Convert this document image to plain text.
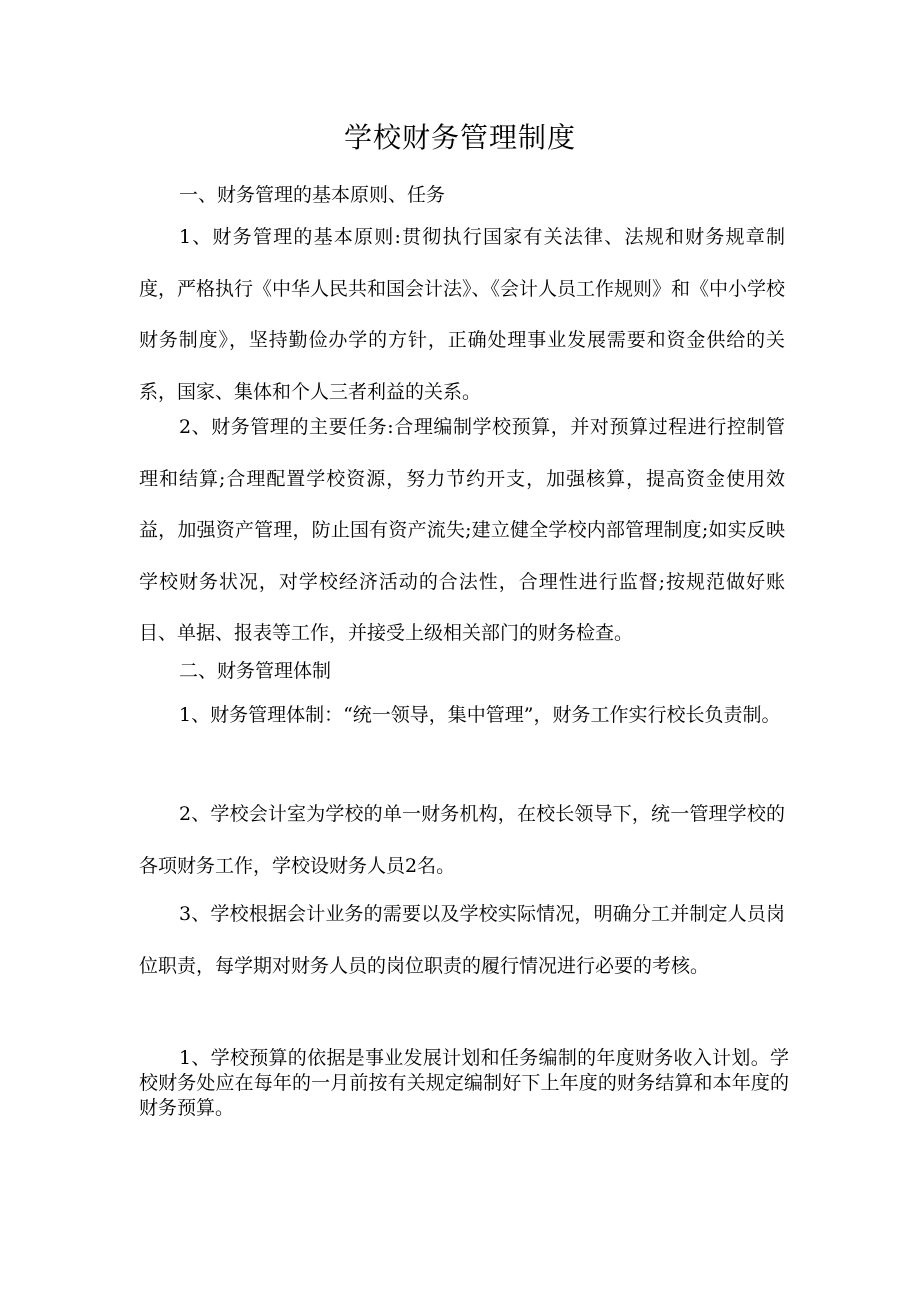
学校财务管理制度

一、财务管理的基本原则、任务

1、财务管理的基本原则:贯彻执行国家有关法律、法规和财务规章制度，严格执行《中华人民共和国会计法》、《会计人员工作规则》和《中小学校财务制度》，坚持勤俭办学的方针，正确处理事业发展需要和资金供给的关系，国家、集体和个人三者利益的关系。

2、财务管理的主要任务:合理编制学校预算，并对预算过程进行控制管理和结算;合理配置学校资源，努力节约开支，加强核算，提高资金使用效益，加强资产管理，防止国有资产流失;建立健全学校内部管理制度;如实反映学校财务状况，对学校经济活动的合法性，合理性进行监督;按规范做好账目、单据、报表等工作，并接受上级相关部门的财务检查。

二、财务管理体制

1、财务管理体制：“统一领导，集中管理”，财务工作实行校长负责制。

2、学校会计室为学校的单一财务机构，在校长领导下，统一管理学校的各项财务工作，学校设财务人员2名。

3、学校根据会计业务的需要以及学校实际情况，明确分工并制定人员岗位职责，每学期对财务人员的岗位职责的履行情况进行必要的考核。

1、学校预算的依据是事业发展计划和任务编制的年度财务收入计划。学校财务处应在每年的一月前按有关规定编制好下上年度的财务结算和本年度的财务预算。
